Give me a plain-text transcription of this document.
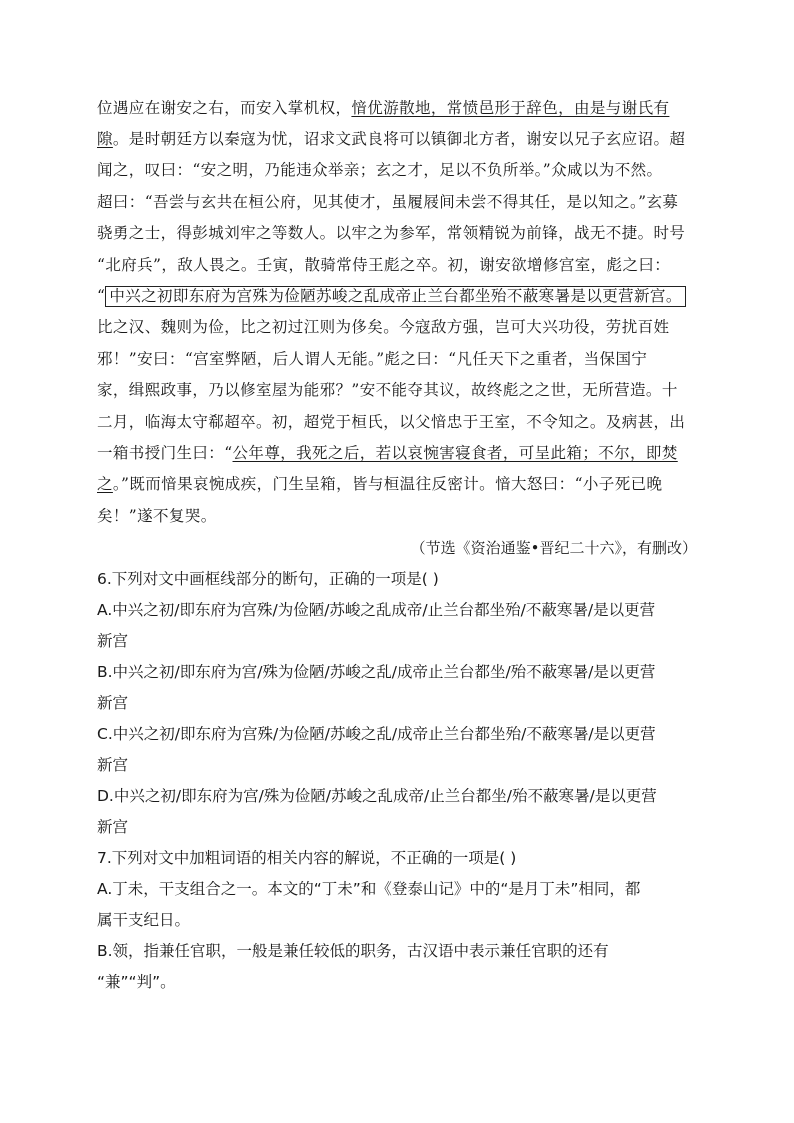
位遇应在谢安之右，而安入掌机权，愔优游散地，常愤邑形于辞色，由是与谢氏有
隙。是时朝廷方以秦寇为忧，诏求文武良将可以镇御北方者，谢安以兄子玄应诏。超
闻之，叹曰：“安之明，乃能违众举亲；玄之才，足以不负所举。”众咸以为不然。
超曰：“吾尝与玄共在桓公府，见其使才，虽履屐间未尝不得其任，是以知之。”玄募
骁勇之士，得彭城刘牢之等数人。以牢之为参军，常领精锐为前锋，战无不捷。时号
“北府兵”，敌人畏之。壬寅，散骑常侍王彪之卒。初，谢安欲增修宫室，彪之曰：
“ 中兴之初即东府为宫殊为俭陋苏峻之乱成帝止兰台都坐殆不蔽寒暑是以更营新宫。
比之汉、魏则为俭，比之初过江则为侈矣。今寇敌方强，岂可大兴功役，劳扰百姓
邪！”安曰：“宫室弊陋，后人谓人无能。”彪之曰：“凡任天下之重者，当保国宁
家，缉熙政事，乃以修室屋为能邪？”安不能夺其议，故终彪之之世，无所营造。十
二月，临海太守郗超卒。初，超党于桓氏，以父愔忠于王室，不令知之。及病甚，出
一箱书授门生曰：“公年尊，我死之后，若以哀惋害寝食者，可呈此箱；不尔，即焚
之。”既而愔果哀惋成疾，门生呈箱，皆与桓温往反密计。愔大怒曰：“小子死已晚
矣！”遂不复哭。
（节选《资治通鉴•晋纪二十六》，有删改）
6.下列对文中画框线部分的断句，正确的一项是( )
A.中兴之初/即东府为宫殊/为俭陋/苏峻之乱成帝/止兰台都坐殆/不蔽寒暑/是以更营
新宫
B.中兴之初/即东府为宫/殊为俭陋/苏峻之乱/成帝止兰台都坐/殆不蔽寒暑/是以更营
新宫
C.中兴之初/即东府为宫殊/为俭陋/苏峻之乱/成帝止兰台都坐殆/不蔽寒暑/是以更营
新宫
D.中兴之初/即东府为宫/殊为俭陋/苏峻之乱成帝/止兰台都坐/殆不蔽寒暑/是以更营
新宫
7.下列对文中加粗词语的相关内容的解说，不正确的一项是( )
A.丁未，干支组合之一。本文的“丁未”和《登泰山记》中的“是月丁未”相同，都
属干支纪日。
B.领，指兼任官职，一般是兼任较低的职务，古汉语中表示兼任官职的还有
“兼”“判”。
